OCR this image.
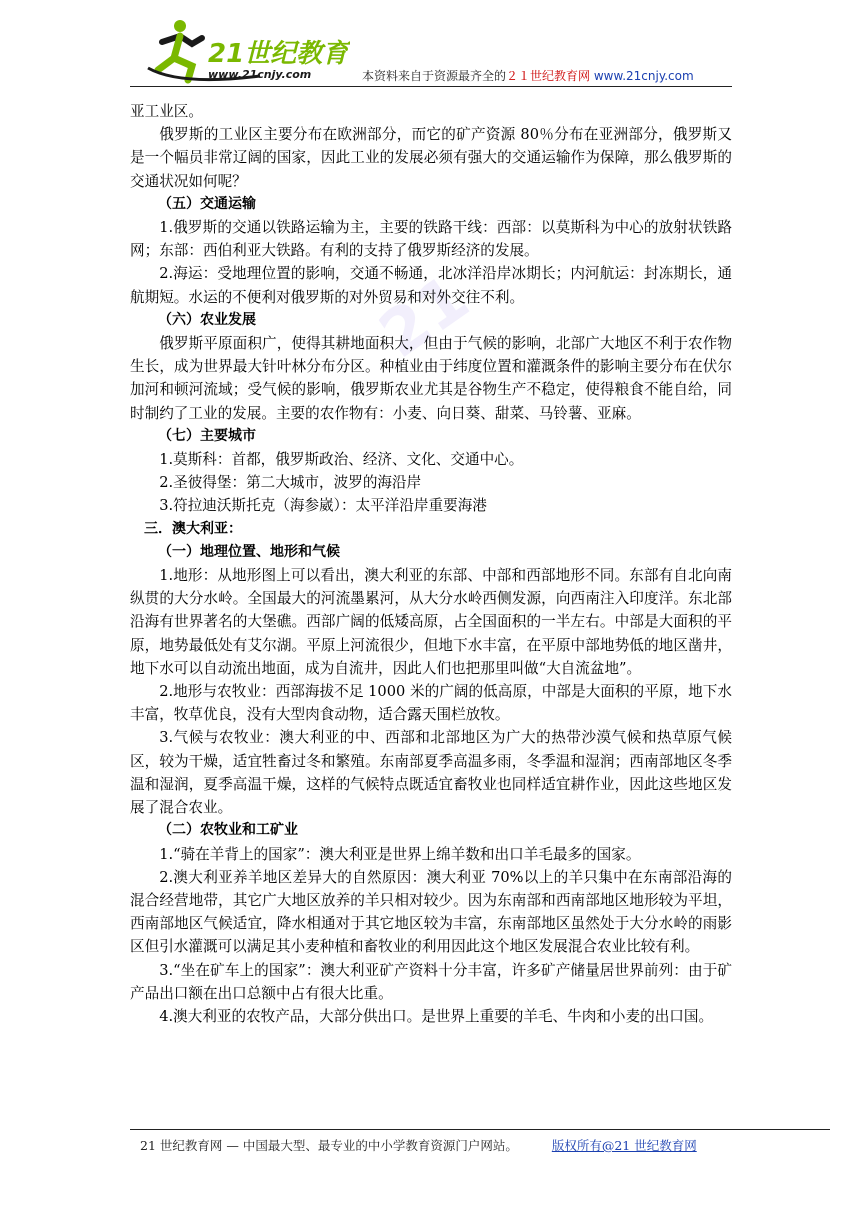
21世纪教育
www.21cnjy.com	本资料来自于资源最齐全的２１世纪教育网 www.21cnjy.com
21

亚工业区。

俄罗斯的工业区主要分布在欧洲部分，而它的矿产资源 80％分布在亚洲部分，俄罗斯又是一个幅员非常辽阔的国家，因此工业的发展必须有强大的交通运输作为保障，那么俄罗斯的交通状况如何呢？

（五）交通运输

1.俄罗斯的交通以铁路运输为主，主要的铁路干线：西部：以莫斯科为中心的放射状铁路网；东部：西伯利亚大铁路。有利的支持了俄罗斯经济的发展。

2.海运：受地理位置的影响，交通不畅通，北冰洋沿岸冰期长；内河航运：封冻期长，通航期短。水运的不便利对俄罗斯的对外贸易和对外交往不利。

（六）农业发展

俄罗斯平原面积广，使得其耕地面积大，但由于气候的影响，北部广大地区不利于农作物生长，成为世界最大针叶林分布分区。种植业由于纬度位置和灌溉条件的影响主要分布在伏尔加河和顿河流域；受气候的影响，俄罗斯农业尤其是谷物生产不稳定，使得粮食不能自给，同时制约了工业的发展。主要的农作物有：小麦、向日葵、甜菜、马铃薯、亚麻。

（七）主要城市

1.莫斯科：首都，俄罗斯政治、经济、文化、交通中心。

2.圣彼得堡：第二大城市，波罗的海沿岸

3.符拉迪沃斯托克（海参崴）：太平洋沿岸重要海港

三．澳大利亚：

（一）地理位置、地形和气候

1.地形：从地形图上可以看出，澳大利亚的东部、中部和西部地形不同。东部有自北向南纵贯的大分水岭。全国最大的河流墨累河，从大分水岭西侧发源，向西南注入印度洋。东北部沿海有世界著名的大堡礁。西部广阔的低矮高原，占全国面积的一半左右。中部是大面积的平原，地势最低处有艾尔湖。平原上河流很少，但地下水丰富，在平原中部地势低的地区凿井，地下水可以自动流出地面，成为自流井，因此人们也把那里叫做“大自流盆地”。

2.地形与农牧业：西部海拔不足 1000 米的广阔的低高原，中部是大面积的平原，地下水丰富，牧草优良，没有大型肉食动物，适合露天围栏放牧。

3.气候与农牧业：澳大利亚的中、西部和北部地区为广大的热带沙漠气候和热草原气候区，较为干燥，适宜牲畜过冬和繁殖。东南部夏季高温多雨，冬季温和湿润；西南部地区冬季温和湿润，夏季高温干燥，这样的气候特点既适宜畜牧业也同样适宜耕作业，因此这些地区发展了混合农业。

（二）农牧业和工矿业

1.“骑在羊背上的国家”：澳大利亚是世界上绵羊数和出口羊毛最多的国家。

2.澳大利亚养羊地区差异大的自然原因：澳大利亚 70%以上的羊只集中在东南部沿海的混合经营地带，其它广大地区放养的羊只相对较少。因为东南部和西南部地区地形较为平坦，西南部地区气候适宜，降水相通对于其它地区较为丰富，东南部地区虽然处于大分水岭的雨影区但引水灌溉可以满足其小麦种植和畜牧业的利用因此这个地区发展混合农业比较有利。

3.“坐在矿车上的国家”：澳大利亚矿产资料十分丰富，许多矿产储量居世界前列：由于矿产品出口额在出口总额中占有很大比重。

4.澳大利亚的农牧产品，大部分供出口。是世界上重要的羊毛、牛肉和小麦的出口国。

21 世纪教育网 — 中国最大型、最专业的中小学教育资源门户网站。	版权所有@21 世纪教育网
